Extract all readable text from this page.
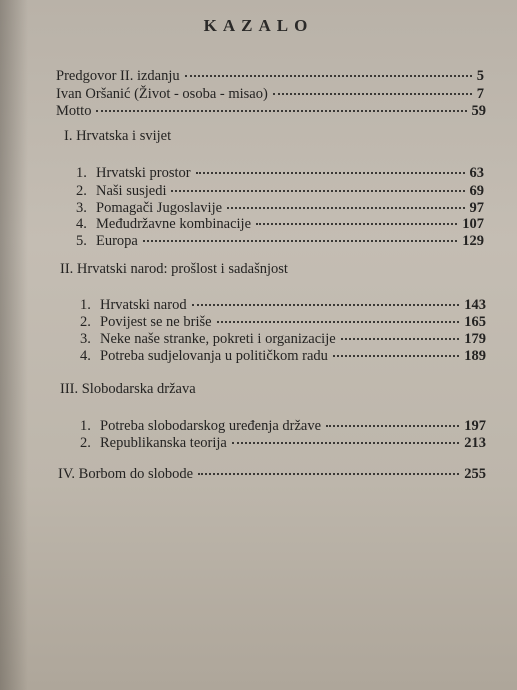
KAZALO
Predgovor II. izdanju	5
Ivan Oršanić (Život - osoba - misao)	7
Motto	59
I. Hrvatska i svijet
1. Hrvatski prostor	63
2. Naši susjedi	69
3. Pomagači Jugoslavije	97
4. Međudržavne kombinacije	107
5. Europa	129
II. Hrvatski narod: prošlost i sadašnjost
1. Hrvatski narod	143
2. Povijest se ne briše	165
3. Neke naše stranke, pokreti i organizacije	179
4. Potreba sudjelovanja u političkom radu	189
III. Slobodarska država
1. Potreba slobodarskog uređenja države	197
2. Republikanska teorija	213
IV. Borbom do slobode	255
